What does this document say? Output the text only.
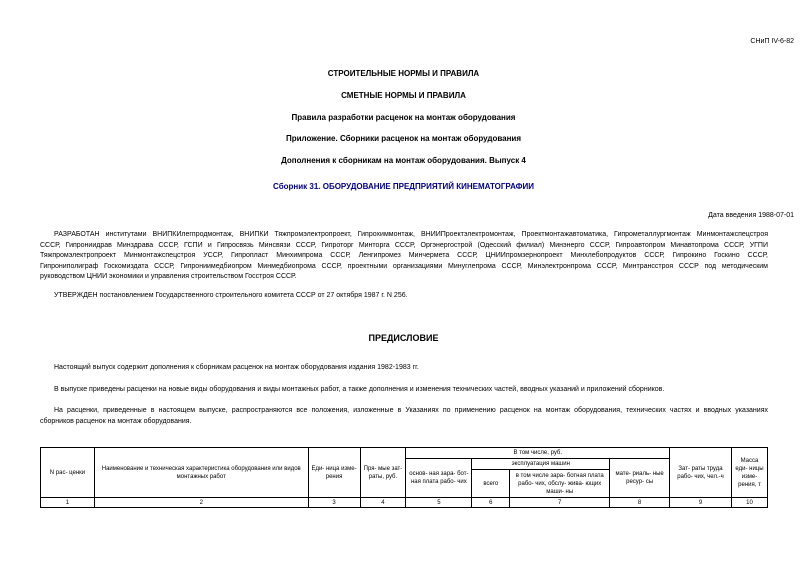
СНиП IV-6-82
СТРОИТЕЛЬНЫЕ НОРМЫ И ПРАВИЛА
СМЕТНЫЕ НОРМЫ И ПРАВИЛА
Правила разработки расценок на монтаж оборудования
Приложение. Сборники расценок на монтаж оборудования
Дополнения к сборникам на монтаж оборудования. Выпуск 4
Сборник 31. ОБОРУДОВАНИЕ ПРЕДПРИЯТИЙ КИНЕМАТОГРАФИИ
Дата введения 1988-07-01
РАЗРАБОТАН институтами ВНИПКИлегпродмонтаж, ВНИПКИ Тяжпромэлектропроект, Гипрохиммонтаж, ВНИИПроектэлектромонтаж, Проектмонтажавтоматика, Гипрометаллургмонтаж Минмонтажспецстроя
СССР, Гипрониидрав Минздрава СССР, ГСПИ и Гипросвязь Минсвязи СССР, Гипроторг Минторга СССР, Оргэнергострой (Одесский филиал) Минэнерго СССР, Гипроавтопром Минавтопрома СССР, УГПИ
Тяжпромэлектропроект Минмонтажспецстроя УССР, Гипропласт Минхимпрома СССР, Ленгипромез Минчермета СССР, ЦНИИпромзернопроект Минхлебопродуктов СССР, Гипрокино Госкино СССР,
Гипрониполиграф Госкомиздата СССР, Гипрониимедбиопром Минмедбиопрома СССР, проектными организациями Минуглепрома СССР, Минэлектронпрома СССР, Минтрансстроя СССР под методическим
руководством ЦНИИ экономики и управления строительством Госстроя СССР.
УТВЕРЖДЕН постановлением Государственного строительного комитета СССР от 27 октября 1987 г. N 256.
ПРЕДИСЛОВИЕ
Настоящий выпуск содержит дополнения к сборникам расценок на монтаж оборудования издания 1982-1983 гг.
В выпуске приведены расценки на новые виды оборудования и виды монтажных работ, а также дополнения и изменения технических частей, вводных указаний и приложений сборников.
На расценки, приведенные в настоящем выпуске, распространяются все положения, изложенные в Указаниях по применению расценок на монтаж оборудования, технических частях и вводных указаниях
сборников расценок на монтаж оборудования.
N рас- ценки	Наименование и техническая характеристика оборудования или видов монтажных работ	Еди- ница изме- рения	Пря- мые зат- раты, руб.	В том числе, руб.				Зат- раты труда рабо- чих, чел.-ч	Масса еди- ницы изме- рения, т
				основ- ная зара- бот- ная плата рабо- чих	эксплуатация машин		мате- риаль- ные ресур- сы		
					всего	в том числе зара- ботная плата рабо- чих, обслу- жива- ющих маши- ны			
1	2	3	4	5	6	7	8	9	10
